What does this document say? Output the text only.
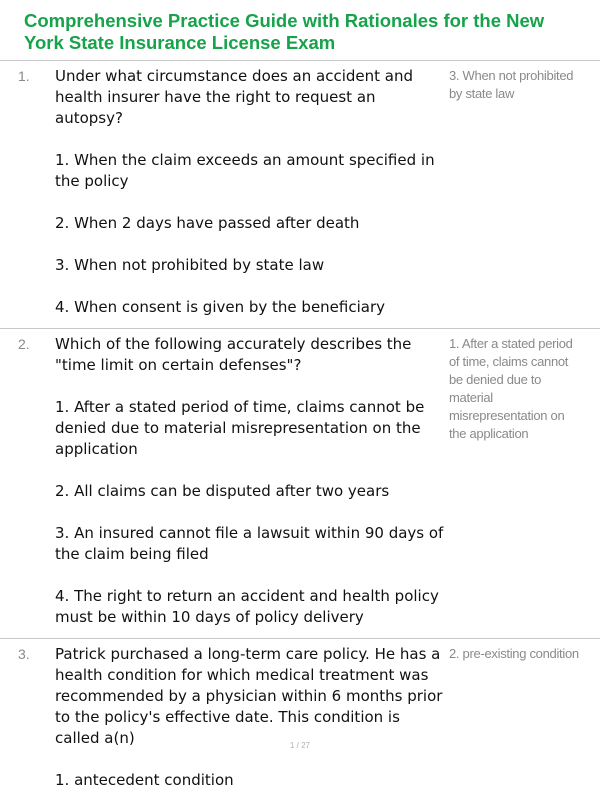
Comprehensive Practice Guide with Rationales for the New York State Insurance License Exam
1. Under what circumstance does an accident and health insurer have the right to request an autopsy?
1. When the claim exceeds an amount specified in the policy
2. When 2 days have passed after death
3. When not prohibited by state law
4. When consent is given by the beneficiary
3. When not prohibited by state law
2. Which of the following accurately describes the "time limit on certain defenses"?
1. After a stated period of time, claims cannot be denied due to material misrepresentation on the application
2. All claims can be disputed after two years
3. An insured cannot file a lawsuit within 90 days of the claim being filed
4. The right to return an accident and health policy must be within 10 days of policy delivery
1. After a stated period of time, claims cannot be denied due to material misrepresentation on the application
3. Patrick purchased a long-term care policy. He has a health condition for which medical treatment was recommended by a physician within 6 months prior to the policy's effective date. This condition is called a(n)
1. antecedent condition
2. pre-existing condition
1 / 27
